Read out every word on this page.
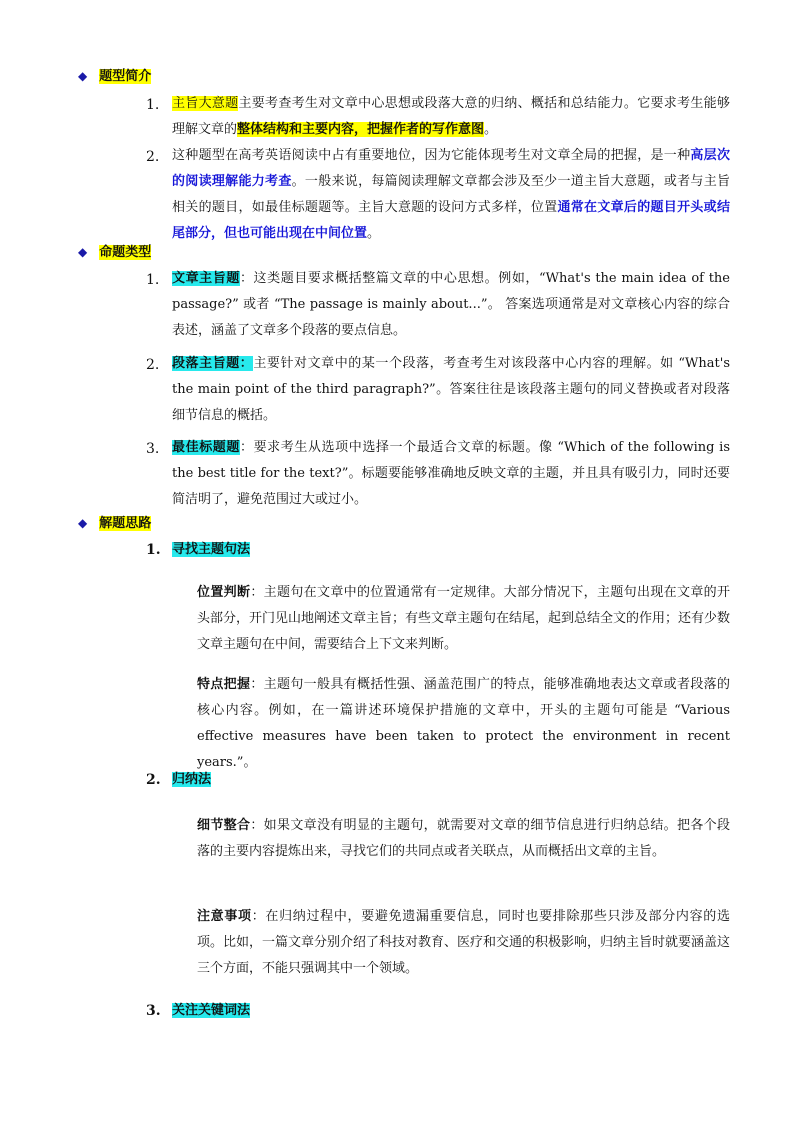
◆ 题型简介
1. 主旨大意题主要考查考生对文章中心思想或段落大意的归纳、概括和总结能力。它要求考生能够理解文章的整体结构和主要内容，把握作者的写作意图。
2. 这种题型在高考英语阅读中占有重要地位，因为它能体现考生对文章全局的把握，是一种高层次的阅读理解能力考查。一般来说，每篇阅读理解文章都会涉及至少一道主旨大意题，或者与主旨相关的题目，如最佳标题题等。主旨大意题的设问方式多样，位置通常在文章后的题目开头或结尾部分，但也可能出现在中间位置。
◆ 命题类型
1. 文章主旨题：这类题目要求概括整篇文章的中心思想。例如，“What's the main idea of the passage?” 或者 “The passage is mainly about...”。 答案选项通常是对文章核心内容的综合表述，涵盖了文章多个段落的要点信息。
2. 段落主旨题：主要针对文章中的某一个段落，考查考生对该段落中心内容的理解。如 “What's the main point of the third paragraph?”。答案往往是该段落主题句的同义替换或者对段落细节信息的概括。
3. 最佳标题题：要求考生从选项中选择一个最适合文章的标题。像 “Which of the following is the best title for the text?”。标题要能够准确地反映文章的主题，并且具有吸引力，同时还要简洁明了，避免范围过大或过小。
◆ 解题思路
1. 寻找主题句法
位置判断：主题句在文章中的位置通常有一定规律。大部分情况下，主题句出现在文章的开头部分，开门见山地阐述文章主旨；有些文章主题句在结尾，起到总结全文的作用；还有少数文章主题句在中间，需要结合上下文来判断。
特点把握：主题句一般具有概括性强、涵盖范围广的特点，能够准确地表达文章或者段落的核心内容。例如，在一篇讲述环境保护措施的文章中，开头的主题句可能是 “Various effective measures have been taken to protect the environment in recent years.”。
2. 归纳法
细节整合：如果文章没有明显的主题句，就需要对文章的细节信息进行归纳总结。把各个段落的主要内容提炼出来，寻找它们的共同点或者关联点，从而概括出文章的主旨。
注意事项：在归纳过程中，要避免遗漏重要信息，同时也要排除那些只涉及部分内容的选项。比如，一篇文章分别介绍了科技对教育、医疗和交通的积极影响，归纳主旨时就要涵盖这三个方面，不能只强调其中一个领域。
3. 关注关键词法
